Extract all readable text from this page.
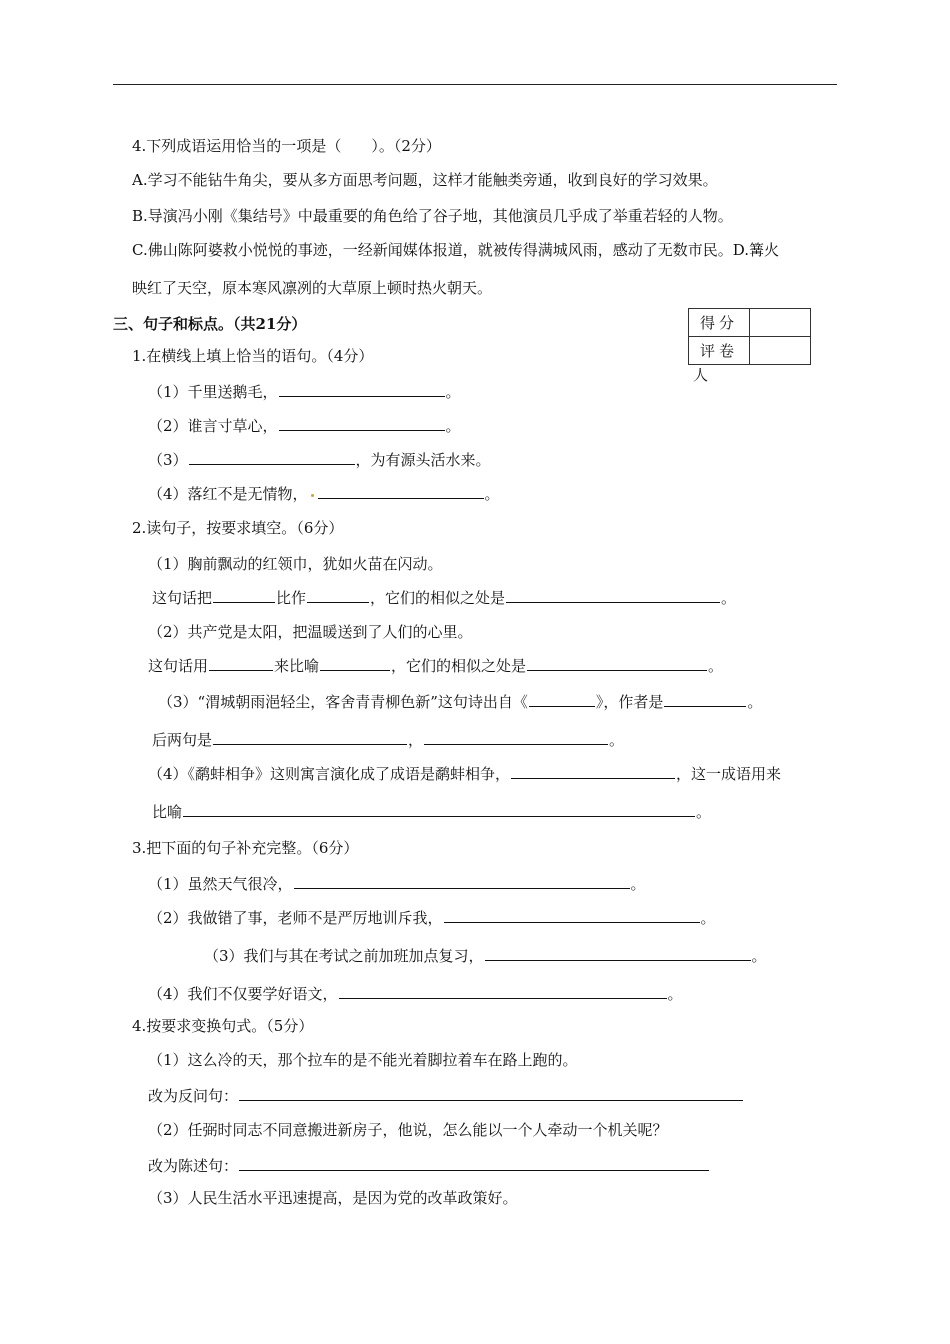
4.下列成语运用恰当的一项是（　　）。（2分）
A.学习不能钻牛角尖，要从多方面思考问题，这样才能触类旁通，收到良好的学习效果。
B.导演冯小刚《集结号》中最重要的角色给了谷子地，其他演员几乎成了举重若轻的人物。
C.佛山陈阿婆救小悦悦的事迹，一经新闻媒体报道，就被传得满城风雨，感动了无数市民。D.篝火
映红了天空，原本寒风凛冽的大草原上顿时热火朝天。
三、句子和标点。（共21分）	得分	
评卷	
人
1.在横线上填上恰当的语句。（4分）
（1）千里送鹅毛，	。
（2）谁言寸草心，	。
（3）	，为有源头活水来。
（4）落红不是无情物，	。
2.读句子，按要求填空。（6分）
（1）胸前飘动的红领巾，犹如火苗在闪动。
这句话把	比作	，它们的相似之处是	。
（2）共产党是太阳，把温暖送到了人们的心里。
这句话用	来比喻	，它们的相似之处是	。
（3）“渭城朝雨浥轻尘，客舍青青柳色新”这句诗出自《	》，作者是	。
后两句是	，	。
（4）《鹬蚌相争》这则寓言演化成了成语是鹬蚌相争，	，这一成语用来
比喻	。
3.把下面的句子补充完整。（6分）
（1）虽然天气很冷，	。
（2）我做错了事，老师不是严厉地训斥我，	。
（3）我们与其在考试之前加班加点复习，	。
（4）我们不仅要学好语文，	。
4.按要求变换句式。（5分）
（1）这么冷的天，那个拉车的是不能光着脚拉着车在路上跑的。
改为反问句：
（2）任弼时同志不同意搬进新房子，他说，怎么能以一个人牵动一个机关呢？
改为陈述句：
（3）人民生活水平迅速提高，是因为党的改革政策好。
